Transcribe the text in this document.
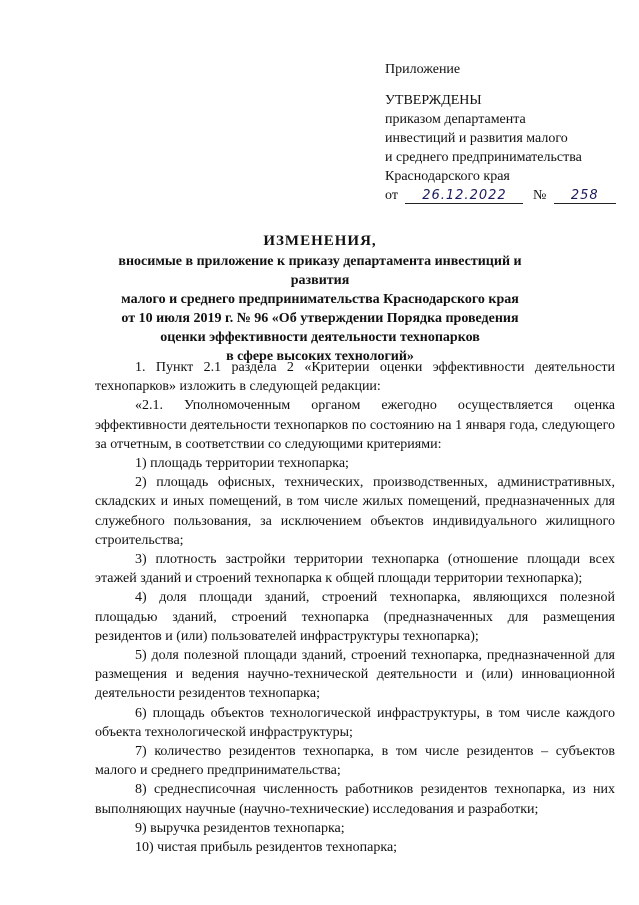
Приложение
УТВЕРЖДЕНЫ
приказом департамента
инвестиций и развития малого
и среднего предпринимательства
Краснодарского края
от 26.12.2022 № 258
ИЗМЕНЕНИЯ,
вносимые в приложение к приказу департамента инвестиций и развития
малого и среднего предпринимательства Краснодарского края
от 10 июля 2019 г. № 96 «Об утверждении Порядка проведения
оценки эффективности деятельности технопарков
в сфере высоких технологий»

1. Пункт 2.1 раздела 2 «Критерии оценки эффективности деятельности технопарков» изложить в следующей редакции:

«2.1. Уполномоченным органом ежегодно осуществляется оценка эффективности деятельности технопарков по состоянию на 1 января года, следующего за отчетным, в соответствии со следующими критериями:

1) площадь территории технопарка;

2) площадь офисных, технических, производственных, административных, складских и иных помещений, в том числе жилых помещений, предназначенных для служебного пользования, за исключением объектов индивидуального жилищного строительства;

3) плотность застройки территории технопарка (отношение площади всех этажей зданий и строений технопарка к общей площади территории технопарка);

4) доля площади зданий, строений технопарка, являющихся полезной площадью зданий, строений технопарка (предназначенных для размещения резидентов и (или) пользователей инфраструктуры технопарка);

5) доля полезной площади зданий, строений технопарка, предназначенной для размещения и ведения научно-технической деятельности и (или) инновационной деятельности резидентов технопарка;

6) площадь объектов технологической инфраструктуры, в том числе каждого объекта технологической инфраструктуры;

7) количество резидентов технопарка, в том числе резидентов – субъектов малого и среднего предпринимательства;

8) среднесписочная численность работников резидентов технопарка, из них выполняющих научные (научно-технические) исследования и разработки;

9) выручка резидентов технопарка;

10) чистая прибыль резидентов технопарка;
